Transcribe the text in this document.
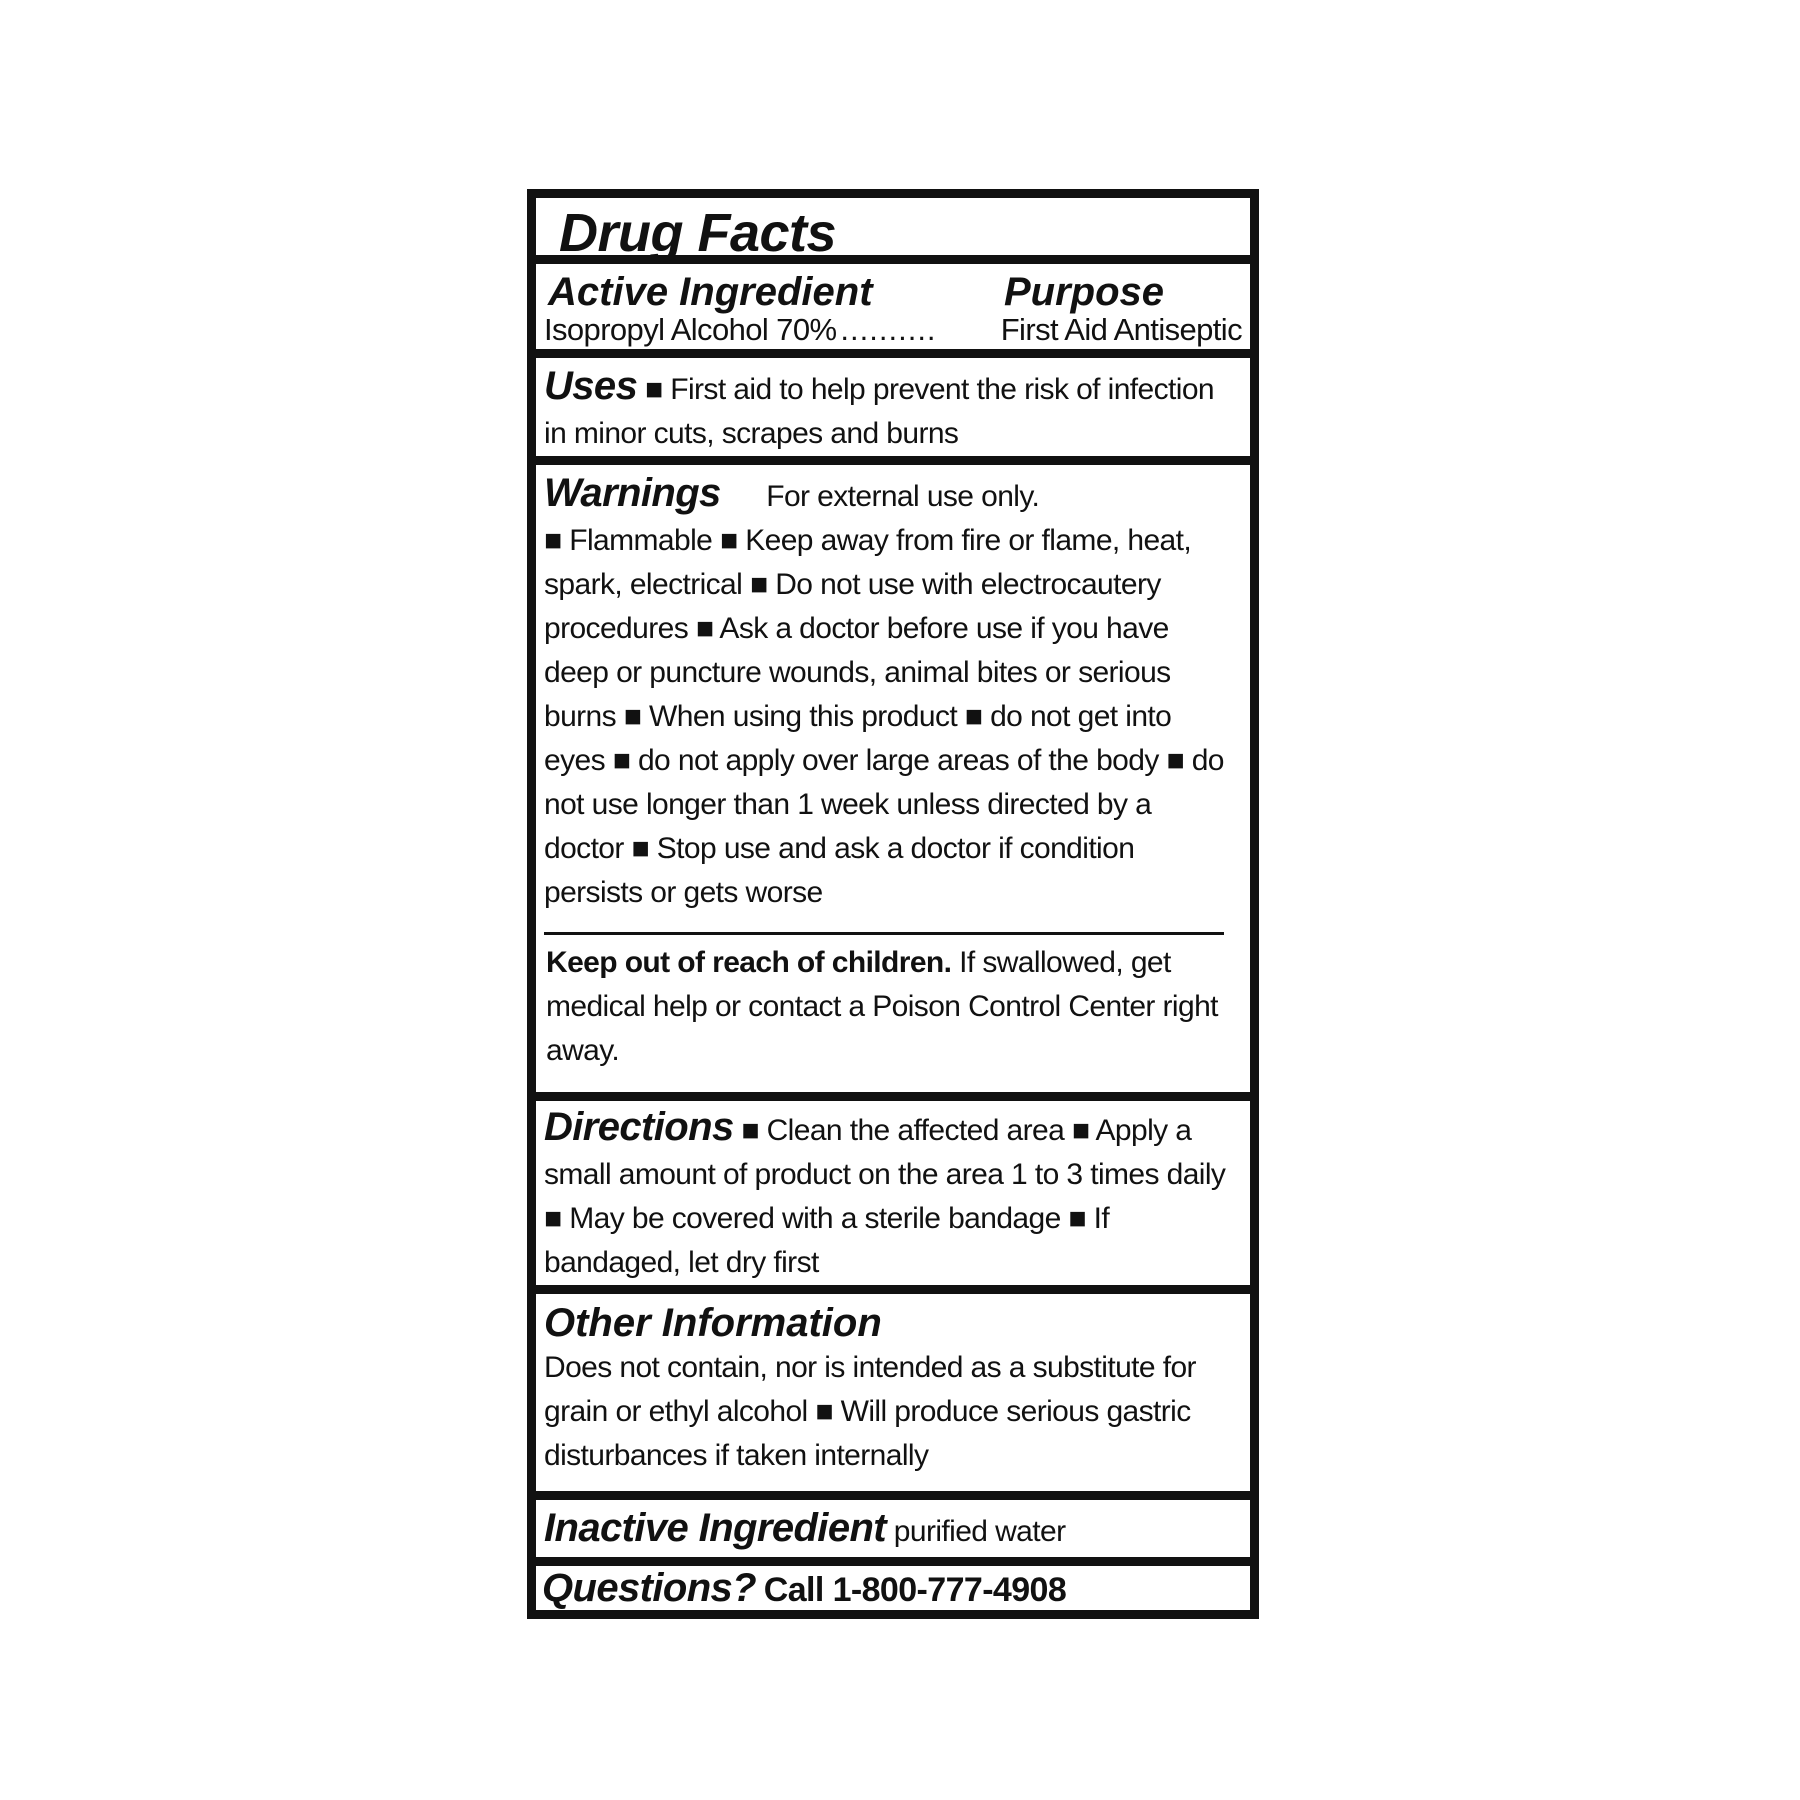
Drug Facts
Active Ingredient	Purpose
Isopropyl Alcohol 70% ..........	First Aid Antiseptic

Uses ■ First aid to help prevent the risk of infection in minor cuts, scrapes and burns

Warnings For external use only.

■ Flammable ■ Keep away from fire or flame, heat, spark, electrical ■ Do not use with electrocautery procedures ■ Ask a doctor before use if you have deep or puncture wounds, animal bites or serious burns ■ When using this product ■ do not get into eyes ■ do not apply over large areas of the body ■ do not use longer than 1 week unless directed by a doctor ■ Stop use and ask a doctor if condition persists or gets worse

Keep out of reach of children. If swallowed, get medical help or contact a Poison Control Center right away.

Directions ■ Clean the affected area ■ Apply a small amount of product on the area 1 to 3 times daily ■ May be covered with a sterile bandage ■ If bandaged, let dry first

Other Information

Does not contain, nor is intended as a substitute for grain or ethyl alcohol ■ Will produce serious gastric disturbances if taken internally

Inactive Ingredient purified water

Questions? Call 1-800-777-4908
